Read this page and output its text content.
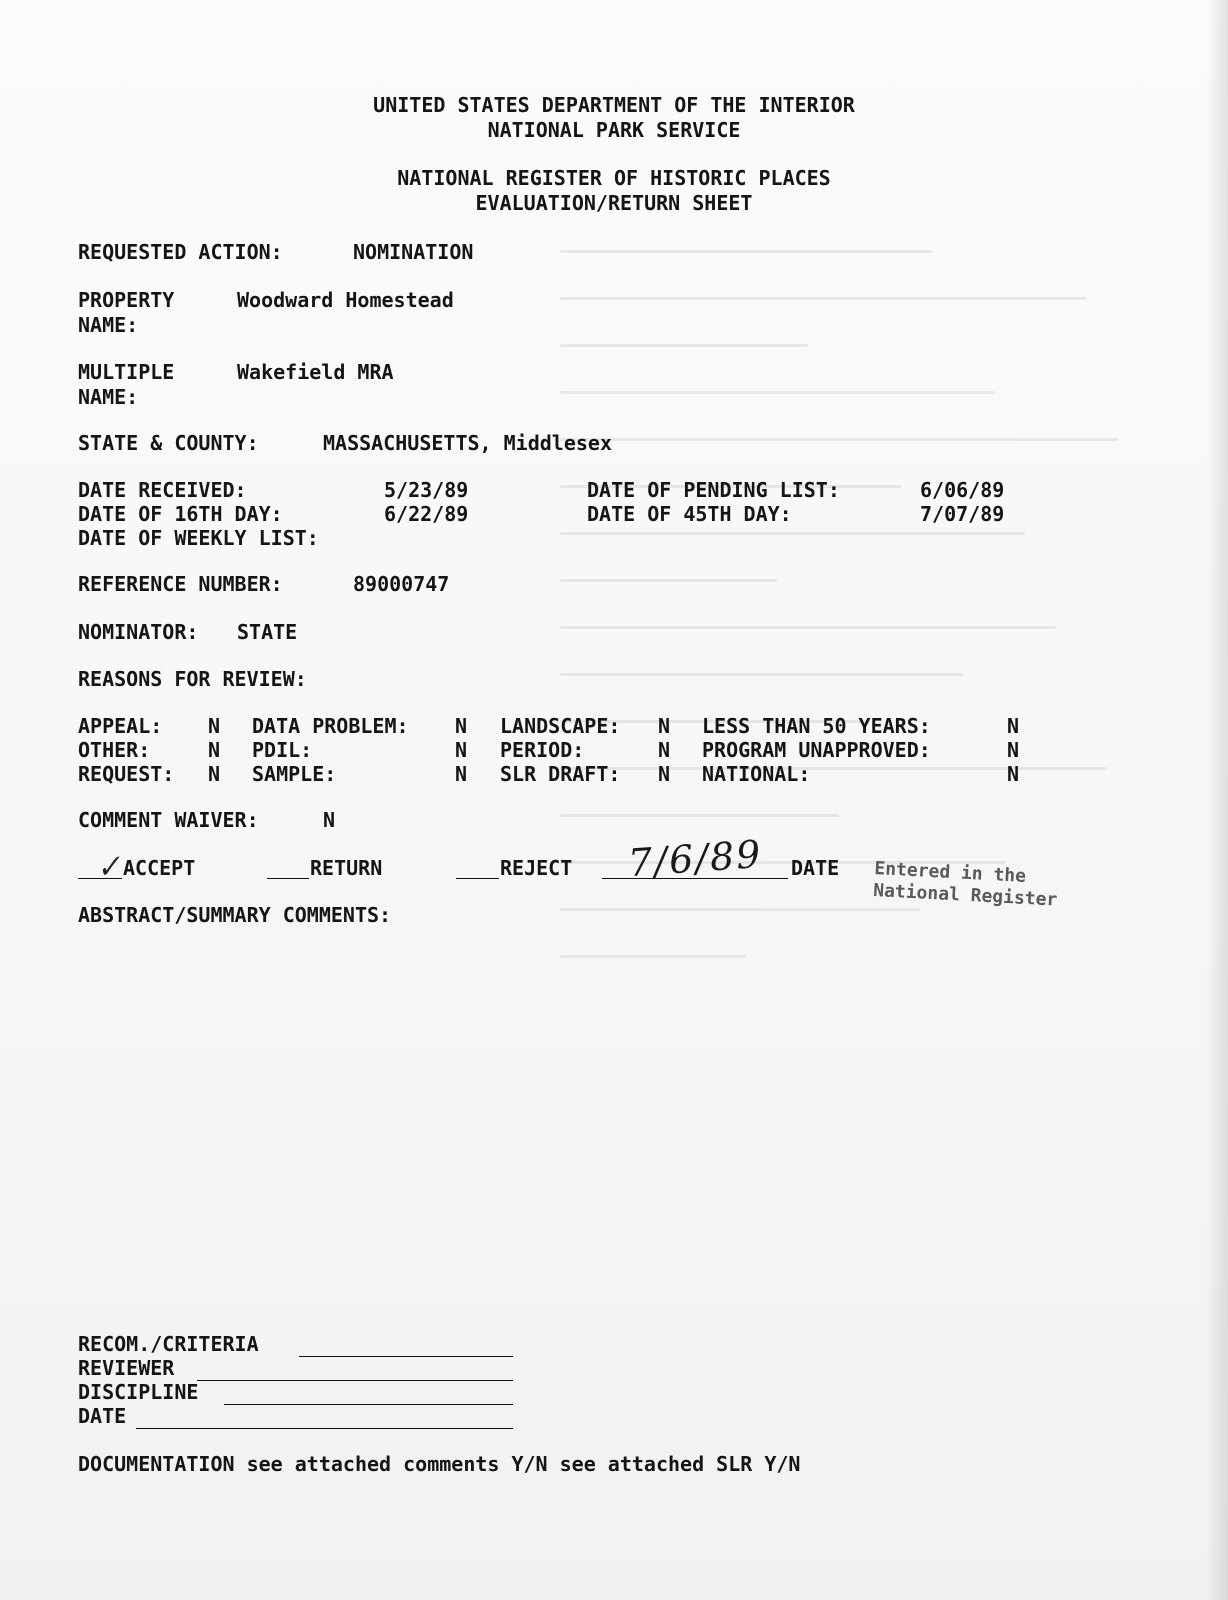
UNITED STATES DEPARTMENT OF THE INTERIOR
NATIONAL PARK SERVICE
NATIONAL REGISTER OF HISTORIC PLACES
EVALUATION/RETURN SHEET
REQUESTED ACTION:	NOMINATION
PROPERTY
NAME:
Woodward Homestead
MULTIPLE
NAME:
Wakefield MRA
STATE & COUNTY:	MASSACHUSETTS, Middlesex
DATE RECEIVED:	5/23/89	DATE OF PENDING LIST:	6/06/89
DATE OF 16TH DAY:	6/22/89	DATE OF 45TH DAY:	7/07/89
DATE OF WEEKLY LIST:
REFERENCE NUMBER:	89000747
NOMINATOR: STATE
REASONS FOR REVIEW:
APPEAL: N DATA PROBLEM: N LANDSCAPE: N LESS THAN 50 YEARS:	N
OTHER:	N PDIL:	N PERIOD:	N PROGRAM UNAPPROVED:	N
REQUEST: N SAMPLE:	N SLR DRAFT: N NATIONAL:	N
COMMENT WAIVER:	N
✓ ACCEPT	RETURN	REJECT 7/6/89	DATE Entered in the
National Register
ABSTRACT/SUMMARY COMMENTS:
RECOM./CRITERIA
REVIEWER
DISCIPLINE
DATE
DOCUMENTATION see attached comments Y/N see attached SLR Y/N
